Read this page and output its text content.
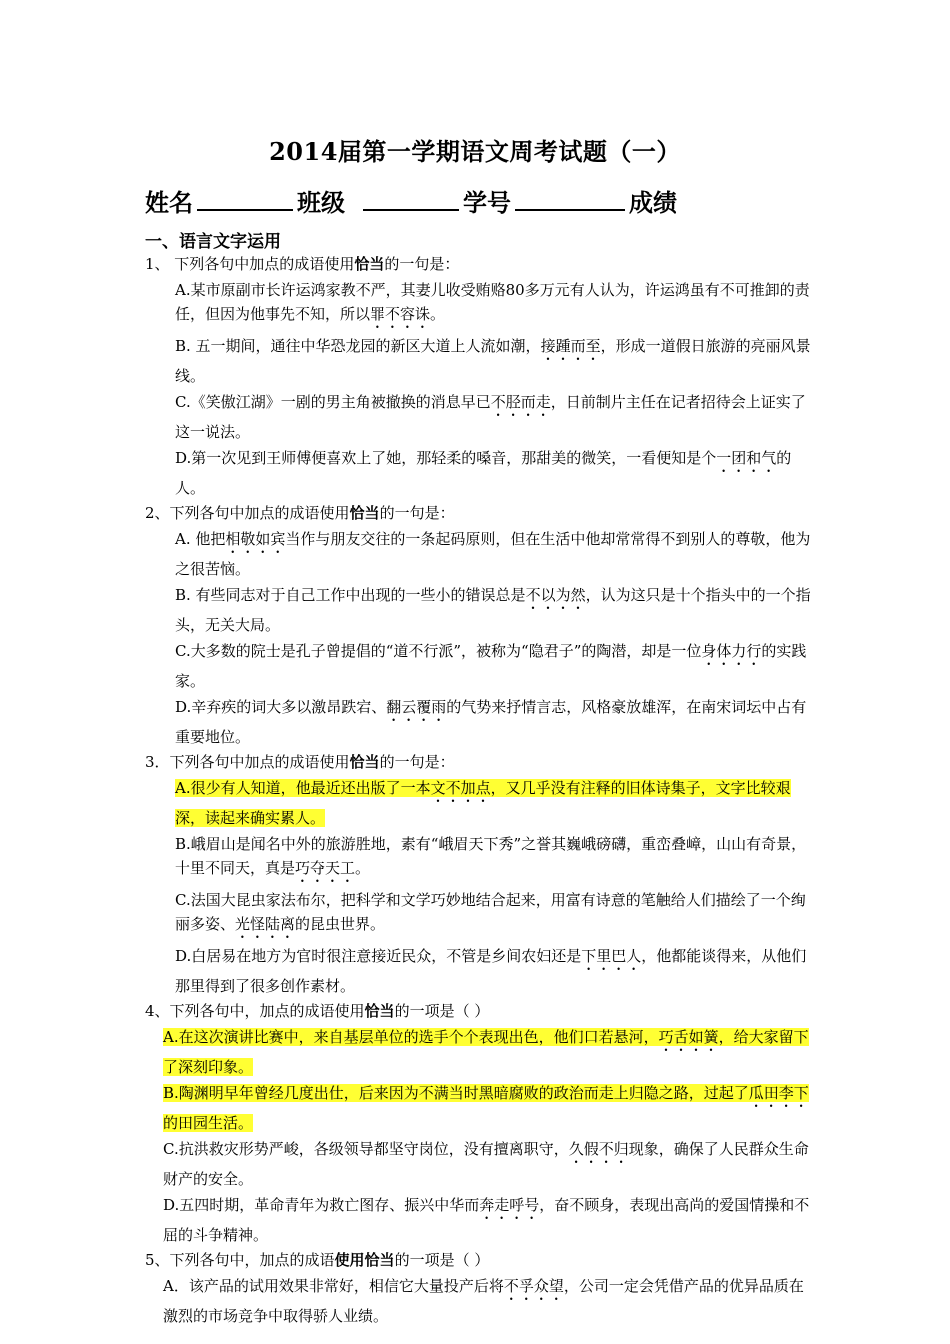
2014届第一学期语文周考试题（一）
姓名	班级	学号	成绩
一、语言文字运用
1、 下列各句中加点的成语使用恰当的一句是：
A.某市原副市长许运鸿家教不严，其妻儿收受贿赂80多万元有人认为，许运鸿虽有不可推卸的责任，但因为他事先不知，所以罪不容诛。
B. 五一期间，通往中华恐龙园的新区大道上人流如潮，接踵而至，形成一道假日旅游的亮丽风景线。
C.《笑傲江湖》一剧的男主角被撤换的消息早已不胫而走，日前制片主任在记者招待会上证实了这一说法。
D.第一次见到王师傅便喜欢上了她，那轻柔的嗓音，那甜美的微笑，一看便知是个一团和气的人。
2、下列各句中加点的成语使用恰当的一句是：
A. 他把相敬如宾当作与朋友交往的一条起码原则，但在生活中他却常常得不到别人的尊敬，他为之很苦恼。
B. 有些同志对于自己工作中出现的一些小的错误总是不以为然，认为这只是十个指头中的一个指头，无关大局。
C.大多数的院士是孔子曾提倡的“道不行派”，被称为“隐君子”的陶潜，却是一位身体力行的实践家。
D.辛弃疾的词大多以激昂跌宕、翻云覆雨的气势来抒情言志，风格豪放雄浑，在南宋词坛中占有重要地位。
3．下列各句中加点的成语使用恰当的一句是：
A.很少有人知道，他最近还出版了一本文不加点，又几乎没有注释的旧体诗集子，文字比较艰深，读起来确实累人。
B.峨眉山是闻名中外的旅游胜地，素有“峨眉天下秀”之誉其巍峨磅礴，重峦叠嶂，山山有奇景，十里不同天，真是巧夺天工。
C.法国大昆虫家法布尔，把科学和文学巧妙地结合起来，用富有诗意的笔触给人们描绘了一个绚丽多姿、光怪陆离的昆虫世界。
D.白居易在地方为官时很注意接近民众，不管是乡间农妇还是下里巴人，他都能谈得来，从他们那里得到了很多创作素材。
4、下列各句中，加点的成语使用恰当的一项是（ ）
A.在这次演讲比赛中，来自基层单位的选手个个表现出色，他们口若悬河，巧舌如簧，给大家留下了深刻印象。
B.陶渊明早年曾经几度出仕，后来因为不满当时黑暗腐败的政治而走上归隐之路，过起了瓜田李下的田园生活。
C.抗洪救灾形势严峻，各级领导都坚守岗位，没有擅离职守，久假不归现象，确保了人民群众生命财产的安全。
D.五四时期，革命青年为救亡图存、振兴中华而奔走呼号，奋不顾身，表现出高尚的爱国情操和不屈的斗争精神。
5、下列各句中，加点的成语使用恰当的一项是（ ）
A．该产品的试用效果非常好，相信它大量投产后将不孚众望，公司一定会凭借产品的优异品质在激烈的市场竞争中取得骄人业绩。
